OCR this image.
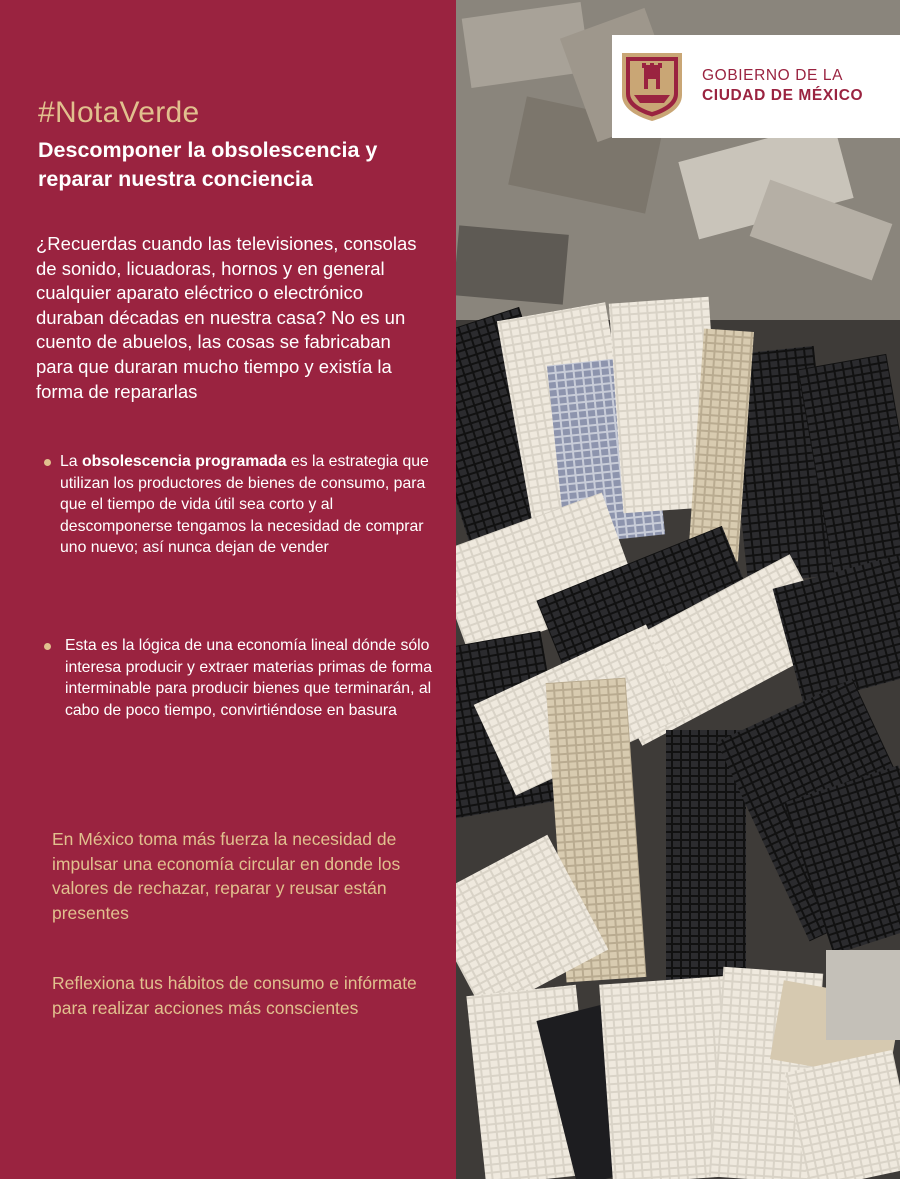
#NotaVerde
Descomponer la obsolescencia y reparar nuestra conciencia
¿Recuerdas cuando las televisiones, consolas de sonido, licuadoras, hornos y en general cualquier aparato eléctrico o electrónico duraban décadas en nuestra casa? No es un cuento de abuelos, las cosas se fabricaban para que duraran mucho tiempo y existía la forma de repararlas
La obsolescencia programada es la estrategia que utilizan los productores de bienes de consumo, para que el tiempo de vida útil sea corto y al descomponerse tengamos la necesidad de comprar uno nuevo; así nunca dejan de vender
Esta es la lógica de una economía lineal dónde sólo interesa producir y extraer materias primas de forma interminable para producir bienes que terminarán, al cabo de poco tiempo, convirtiéndose en basura
En México toma más fuerza la necesidad de impulsar una economía circular en donde los valores de rechazar, reparar y reusar están presentes
Reflexiona tus hábitos de consumo e infórmate para realizar acciones más conscientes
GOBIERNO DE LA
CIUDAD DE MÉXICO
